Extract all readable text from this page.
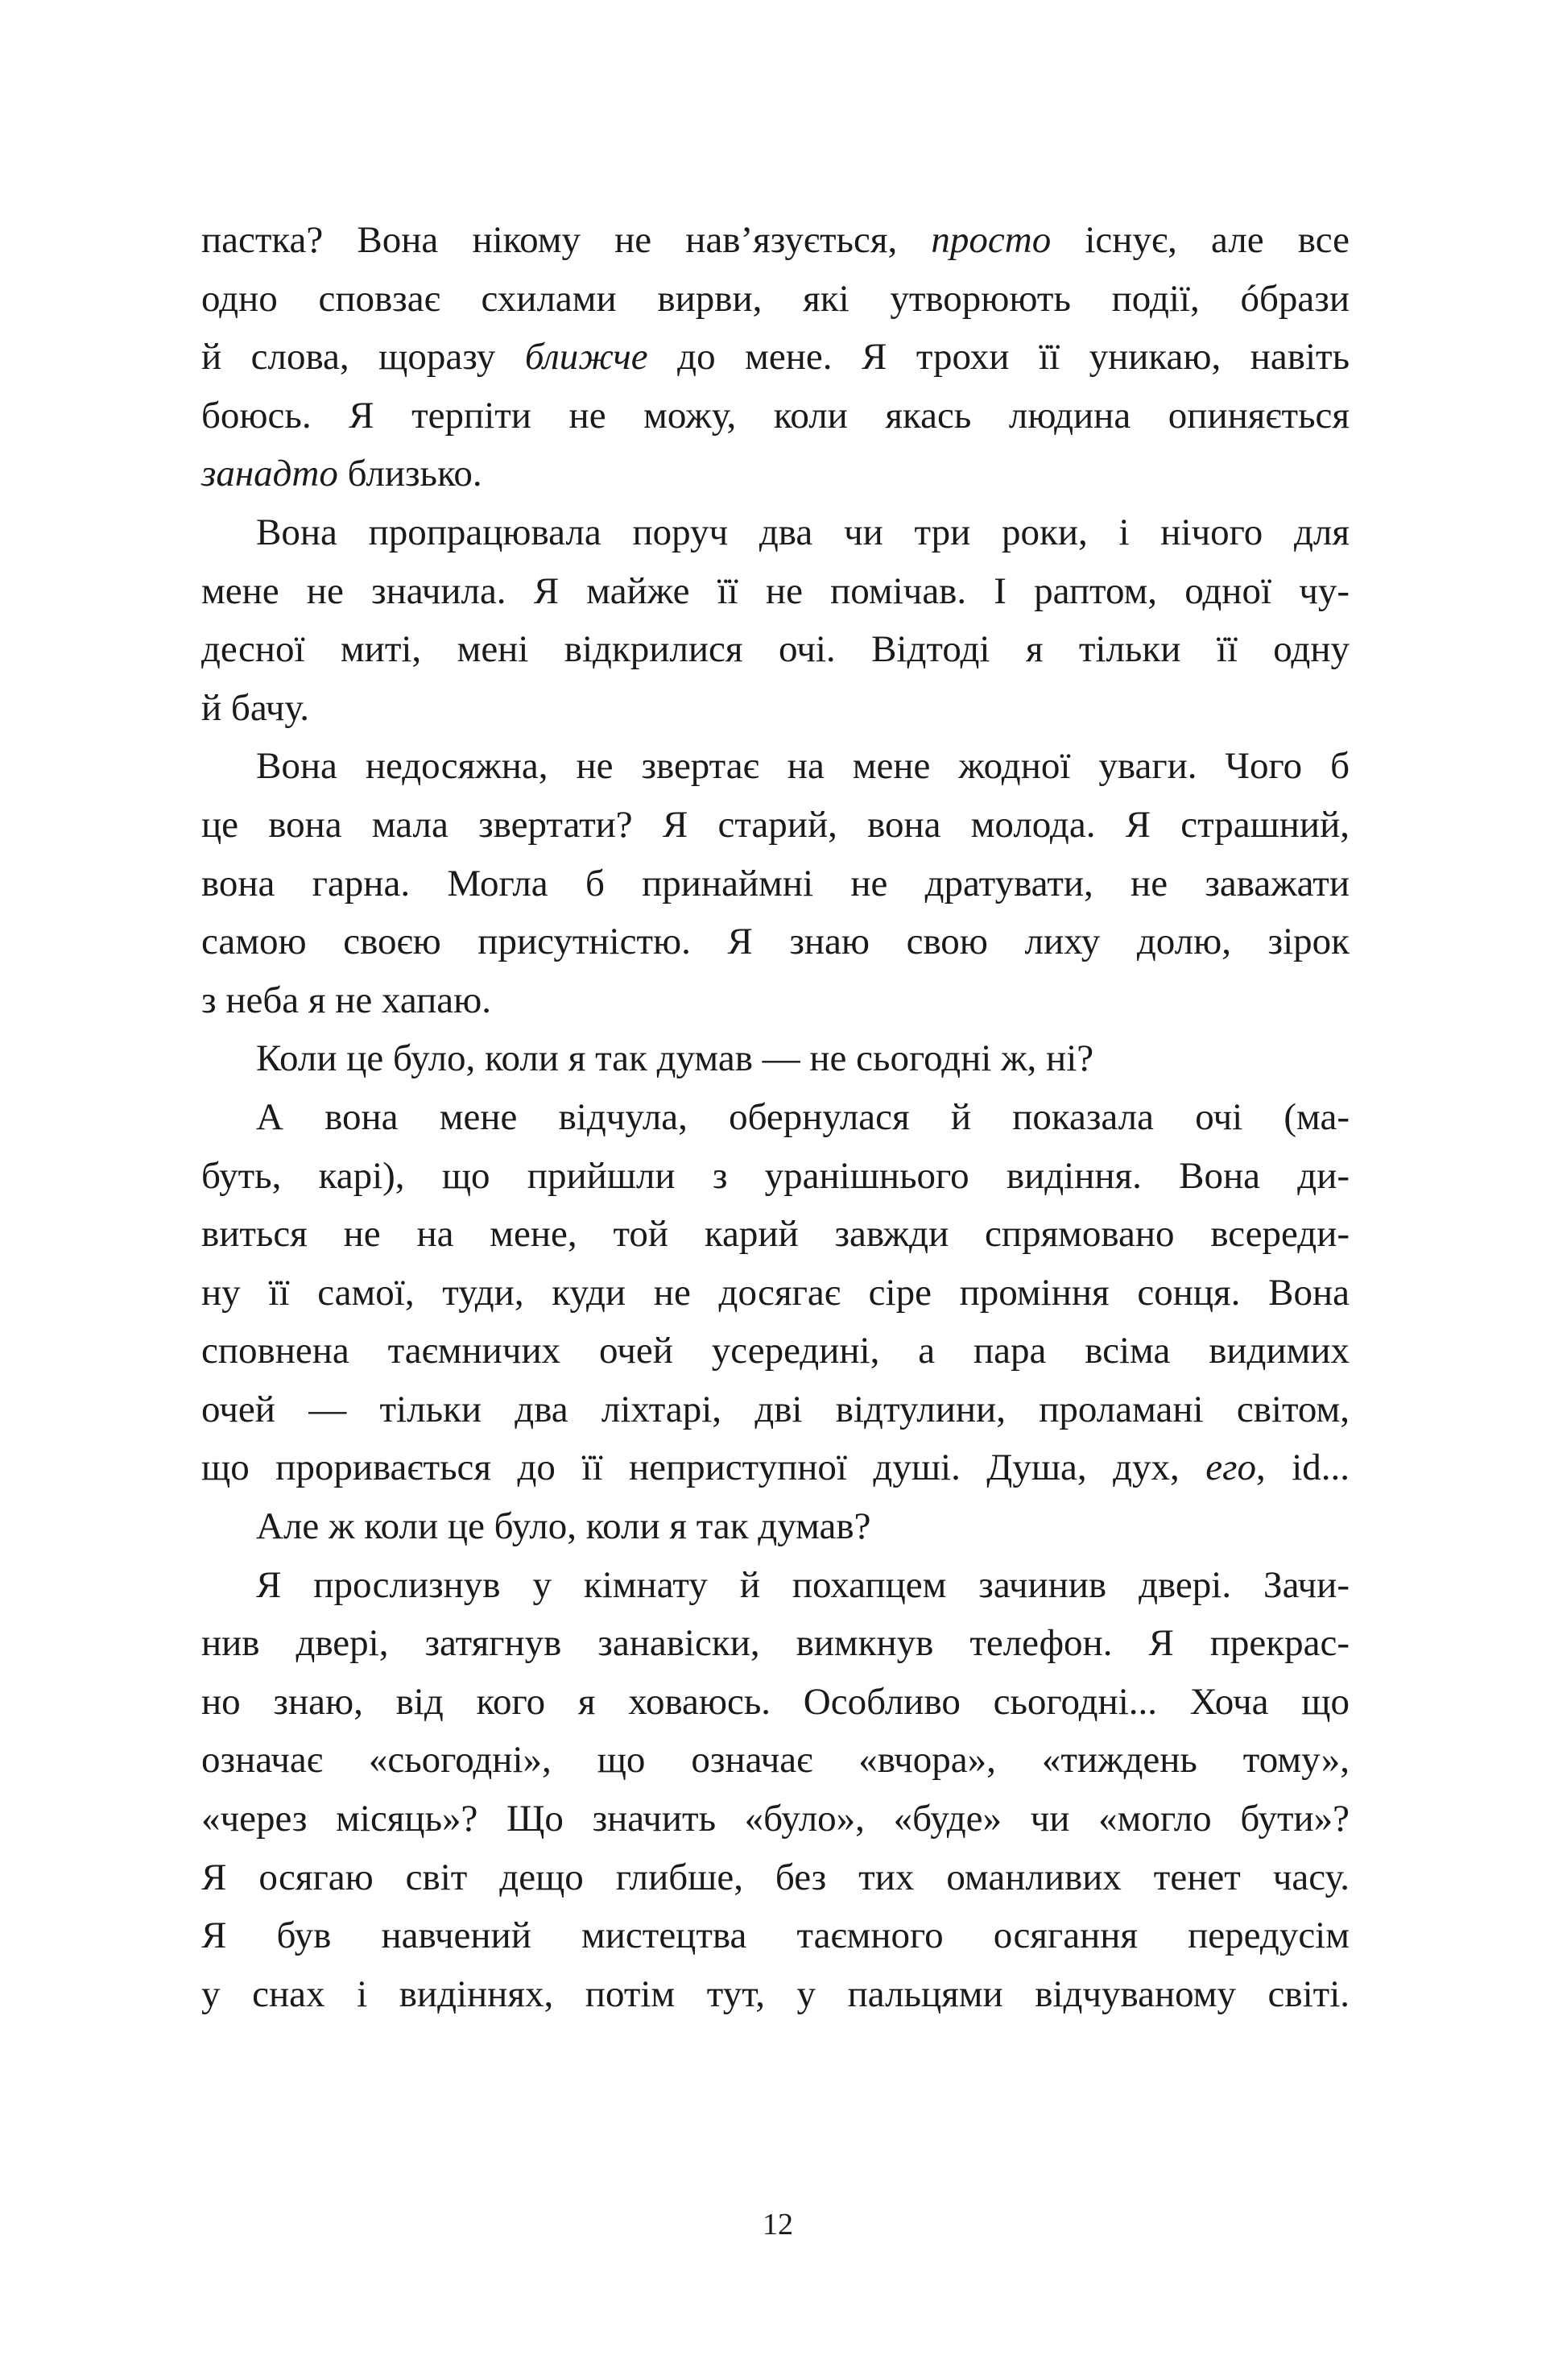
пастка? Вона нікому не нав’язується, просто існує, але все
одно сповзає схилами вирви, які утворюють події, óбрази
й слова, щоразу ближче до мене. Я трохи її уникаю, навіть
боюсь. Я терпіти не можу, коли якась людина опиняється
занадто близько.
Вона пропрацювала поруч два чи три роки, і нічого для
мене не значила. Я майже її не помічав. І раптом, одної чу-
десної миті, мені відкрилися очі. Відтоді я тільки її одну
й бачу.
Вона недосяжна, не звертає на мене жодної уваги. Чого б
це вона мала звертати? Я старий, вона молода. Я страшний,
вона гарна. Могла б принаймні не дратувати, не заважати
самою своєю присутністю. Я знаю свою лиху долю, зірок
з неба я не хапаю.
Коли це було, коли я так думав — не сьогодні ж, ні?
А вона мене відчула, обернулася й показала очі (ма-
буть, карі), що прийшли з уранішнього видіння. Вона ди-
виться не на мене, той карий завжди спрямовано всереди-
ну її самої, туди, куди не досягає сіре проміння сонця. Вона
сповнена таємничих очей усередині, а пара всіма видимих
очей — тільки два ліхтарі, дві відтулини, проламані світом,
що проривається до її неприступної душі. Душа, дух, его, id...
Але ж коли це було, коли я так думав?
Я прослизнув у кімнату й похапцем зачинив двері. Зачи-
нив двері, затягнув занавіски, вимкнув телефон. Я прекрас-
но знаю, від кого я ховаюсь. Особливо сьогодні... Хоча що
означає «сьогодні», що означає «вчора», «тиждень тому»,
«через місяць»? Що значить «було», «буде» чи «могло бути»?
Я осягаю світ дещо глибше, без тих оманливих тенет часу.
Я був навчений мистецтва таємного осягання передусім
у снах і видіннях, потім тут, у пальцями відчуваному світі.
12
